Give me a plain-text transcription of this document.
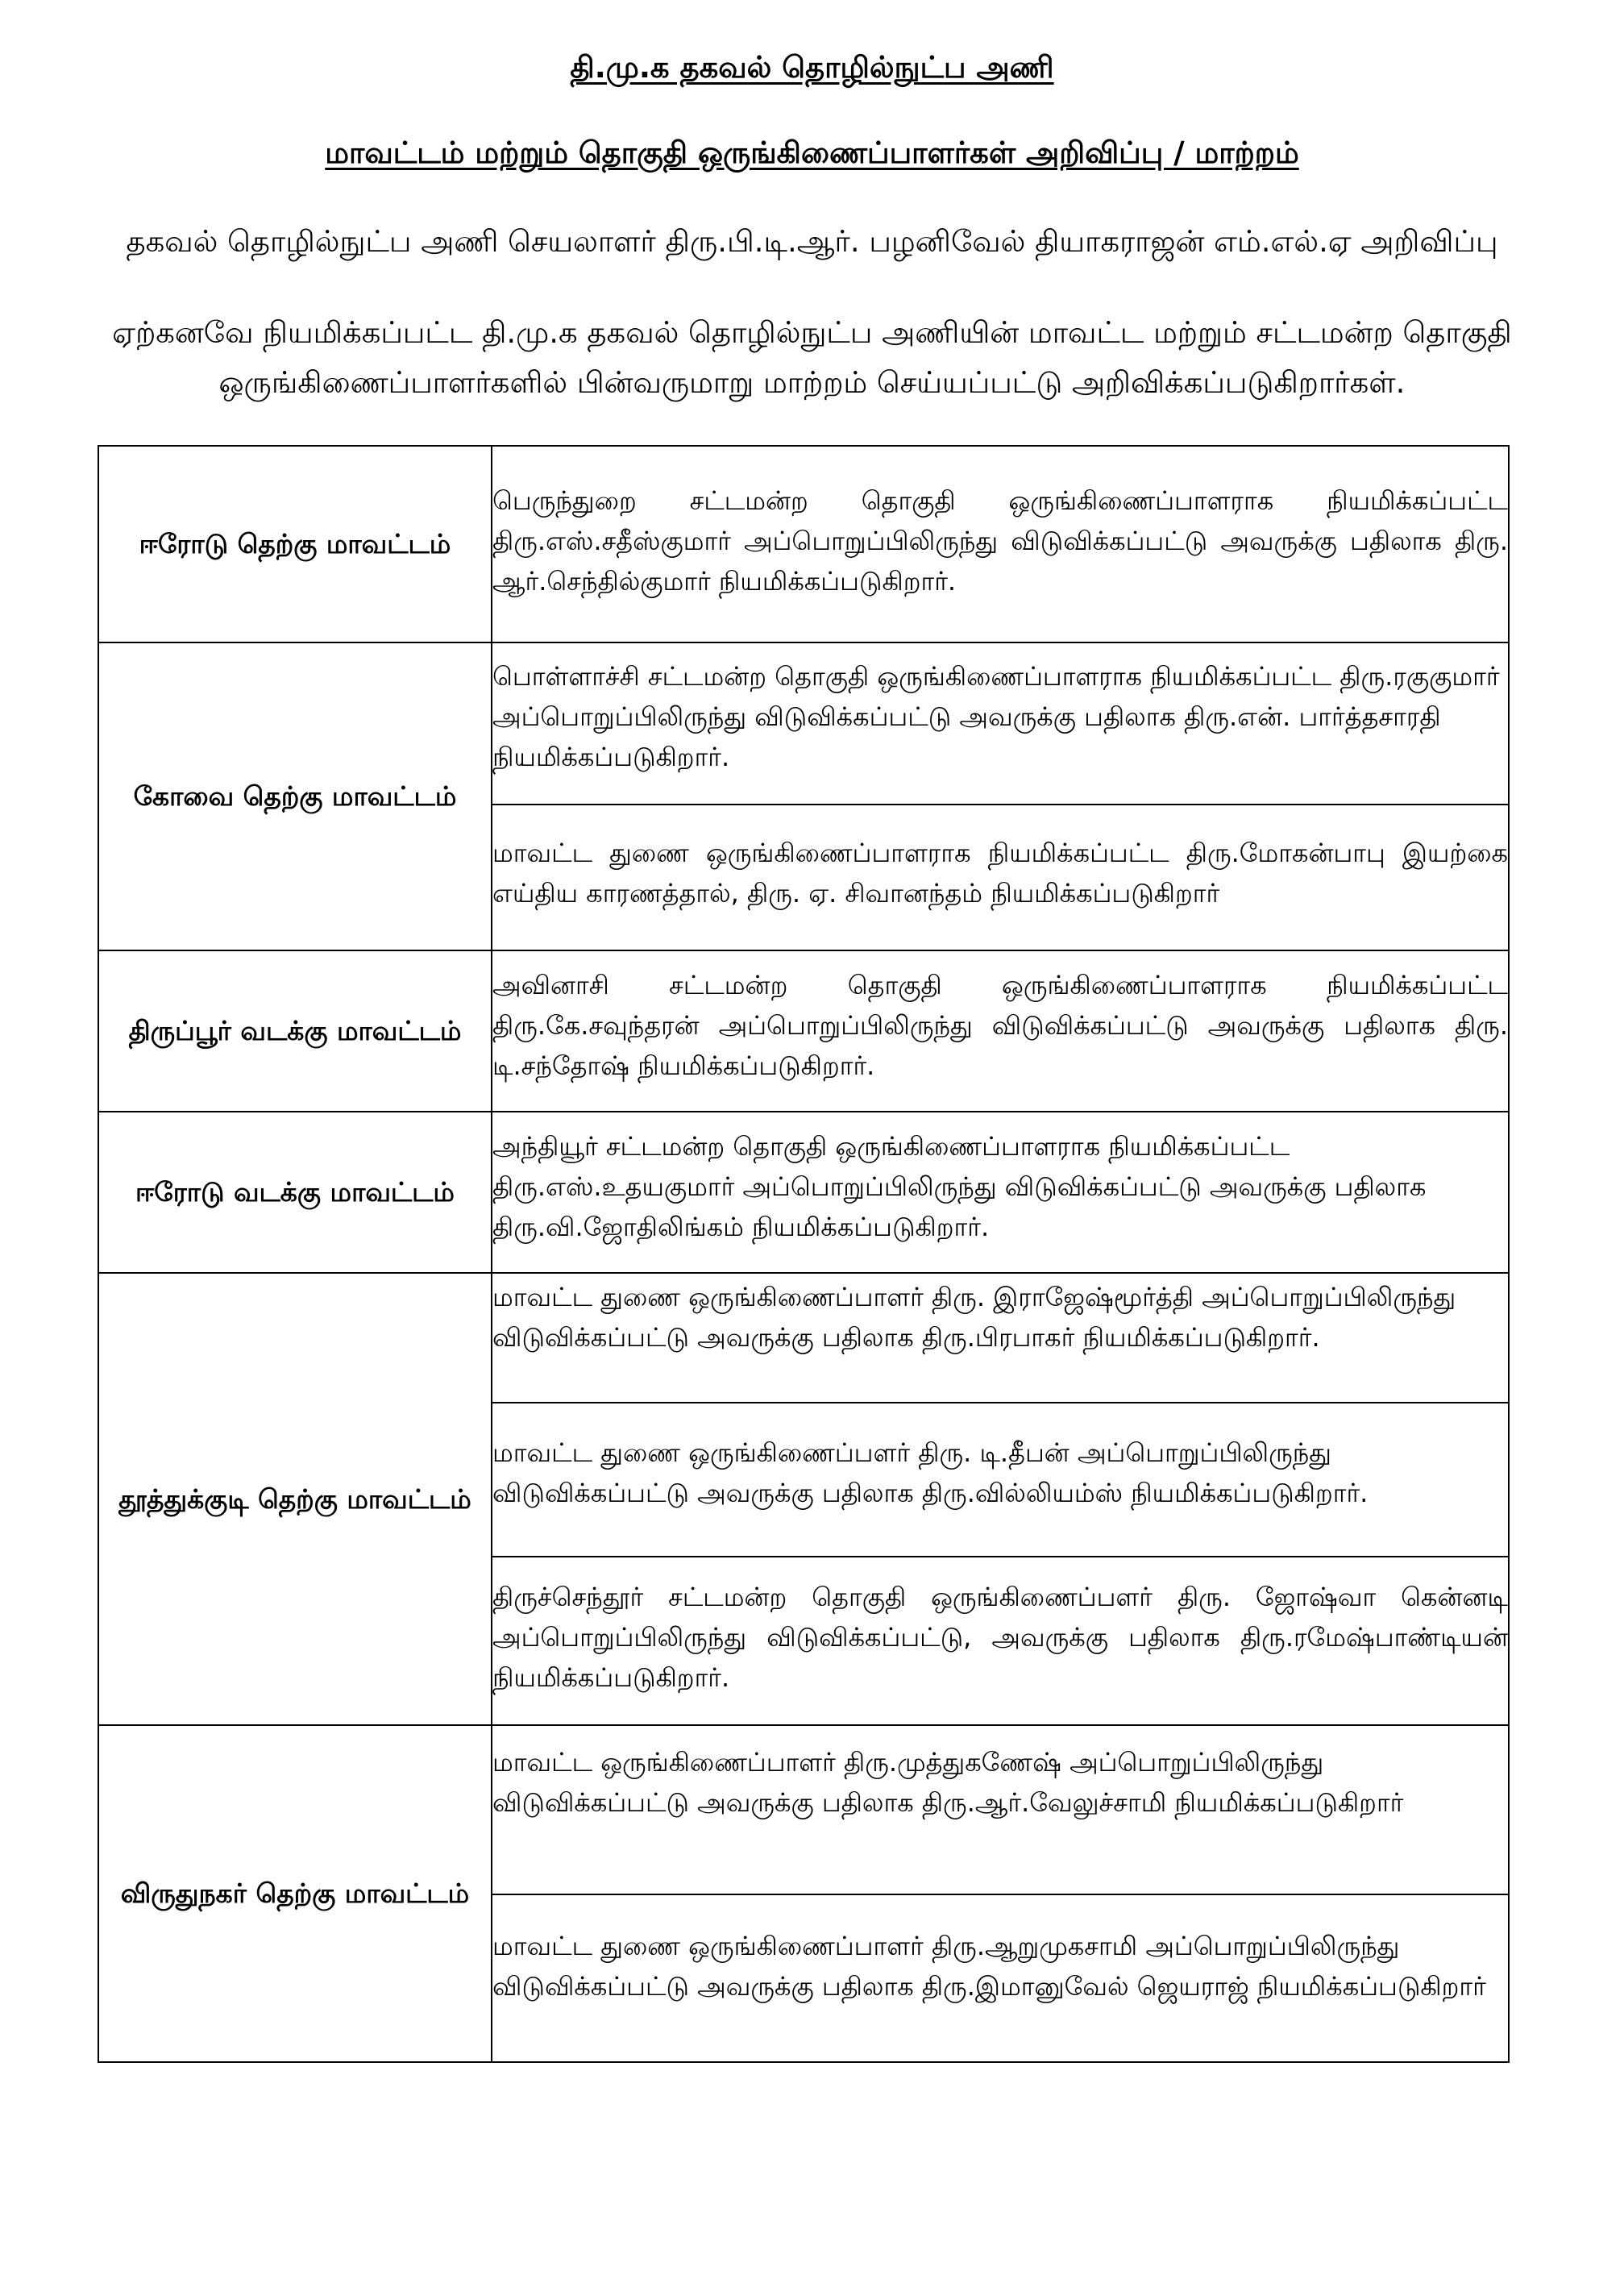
தி.மு.க தகவல் தொழில்நுட்ப அணி
மாவட்டம் மற்றும் தொகுதி ஒருங்கிணைப்பாளர்கள் அறிவிப்பு / மாற்றம்
தகவல் தொழில்நுட்ப அணி செயலாளர் திரு.பி.டி.ஆர். பழனிவேல் தியாகராஜன் எம்.எல்.ஏ அறிவிப்பு
ஏற்கனவே நியமிக்கப்பட்ட தி.மு.க தகவல் தொழில்நுட்ப அணியின் மாவட்ட மற்றும் சட்டமன்ற தொகுதி ஒருங்கிணைப்பாளர்களில் பின்வருமாறு மாற்றம் செய்யப்பட்டு அறிவிக்கப்படுகிறார்கள்.
ஈரோடு தெற்கு மாவட்டம்	பெருந்துறை சட்டமன்ற தொகுதி ஒருங்கிணைப்பாளராக நியமிக்கப்பட்ட திரு.எஸ்.சதீஸ்குமார் அப்பொறுப்பிலிருந்து விடுவிக்கப்பட்டு அவருக்கு பதிலாக திரு. ஆர்.செந்தில்குமார் நியமிக்கப்படுகிறார்.

கோவை தெற்கு மாவட்டம்	பொள்ளாச்சி சட்டமன்ற தொகுதி ஒருங்கிணைப்பாளராக நியமிக்கப்பட்ட திரு.ரகுகுமார் அப்பொறுப்பிலிருந்து விடுவிக்கப்பட்டு அவருக்கு பதிலாக திரு.என். பார்த்தசாரதி நியமிக்கப்படுகிறார்.

	மாவட்ட துணை ஒருங்கிணைப்பாளராக நியமிக்கப்பட்ட திரு.மோகன்பாபு இயற்கை எய்திய காரணத்தால், திரு. ஏ. சிவானந்தம் நியமிக்கப்படுகிறார்

திருப்பூர் வடக்கு மாவட்டம்	அவினாசி சட்டமன்ற தொகுதி ஒருங்கிணைப்பாளராக நியமிக்கப்பட்ட திரு.கே.சவுந்தரன் அப்பொறுப்பிலிருந்து விடுவிக்கப்பட்டு அவருக்கு பதிலாக திரு. டி.சந்தோஷ் நியமிக்கப்படுகிறார்.

ஈரோடு வடக்கு மாவட்டம்	அந்தியூர் சட்டமன்ற தொகுதி ஒருங்கிணைப்பாளராக நியமிக்கப்பட்ட திரு.எஸ்.உதயகுமார் அப்பொறுப்பிலிருந்து விடுவிக்கப்பட்டு அவருக்கு பதிலாக திரு.வி.ஜோதிலிங்கம் நியமிக்கப்படுகிறார்.

தூத்துக்குடி தெற்கு மாவட்டம்	மாவட்ட துணை ஒருங்கிணைப்பாளர் திரு. இராஜேஷ்மூர்த்தி அப்பொறுப்பிலிருந்து விடுவிக்கப்பட்டு அவருக்கு பதிலாக திரு.பிரபாகர் நியமிக்கப்படுகிறார்.

	மாவட்ட துணை ஒருங்கிணைப்பளர் திரு. டி.தீபன் அப்பொறுப்பிலிருந்து விடுவிக்கப்பட்டு அவருக்கு பதிலாக திரு.வில்லியம்ஸ் நியமிக்கப்படுகிறார்.

	திருச்செந்தூர் சட்டமன்ற தொகுதி ஒருங்கிணைப்பளர் திரு. ஜோஷ்வா கென்னடி அப்பொறுப்பிலிருந்து விடுவிக்கப்பட்டு, அவருக்கு பதிலாக திரு.ரமேஷ்பாண்டியன் நியமிக்கப்படுகிறார்.

விருதுநகர் தெற்கு மாவட்டம்	மாவட்ட ஒருங்கிணைப்பாளர் திரு.முத்துகணேஷ் அப்பொறுப்பிலிருந்து விடுவிக்கப்பட்டு அவருக்கு பதிலாக திரு.ஆர்.வேலுச்சாமி நியமிக்கப்படுகிறார்

	மாவட்ட துணை ஒருங்கிணைப்பாளர் திரு.ஆறுமுகசாமி அப்பொறுப்பிலிருந்து விடுவிக்கப்பட்டு அவருக்கு பதிலாக திரு.இமானுவேல் ஜெயராஜ் நியமிக்கப்படுகிறார்
